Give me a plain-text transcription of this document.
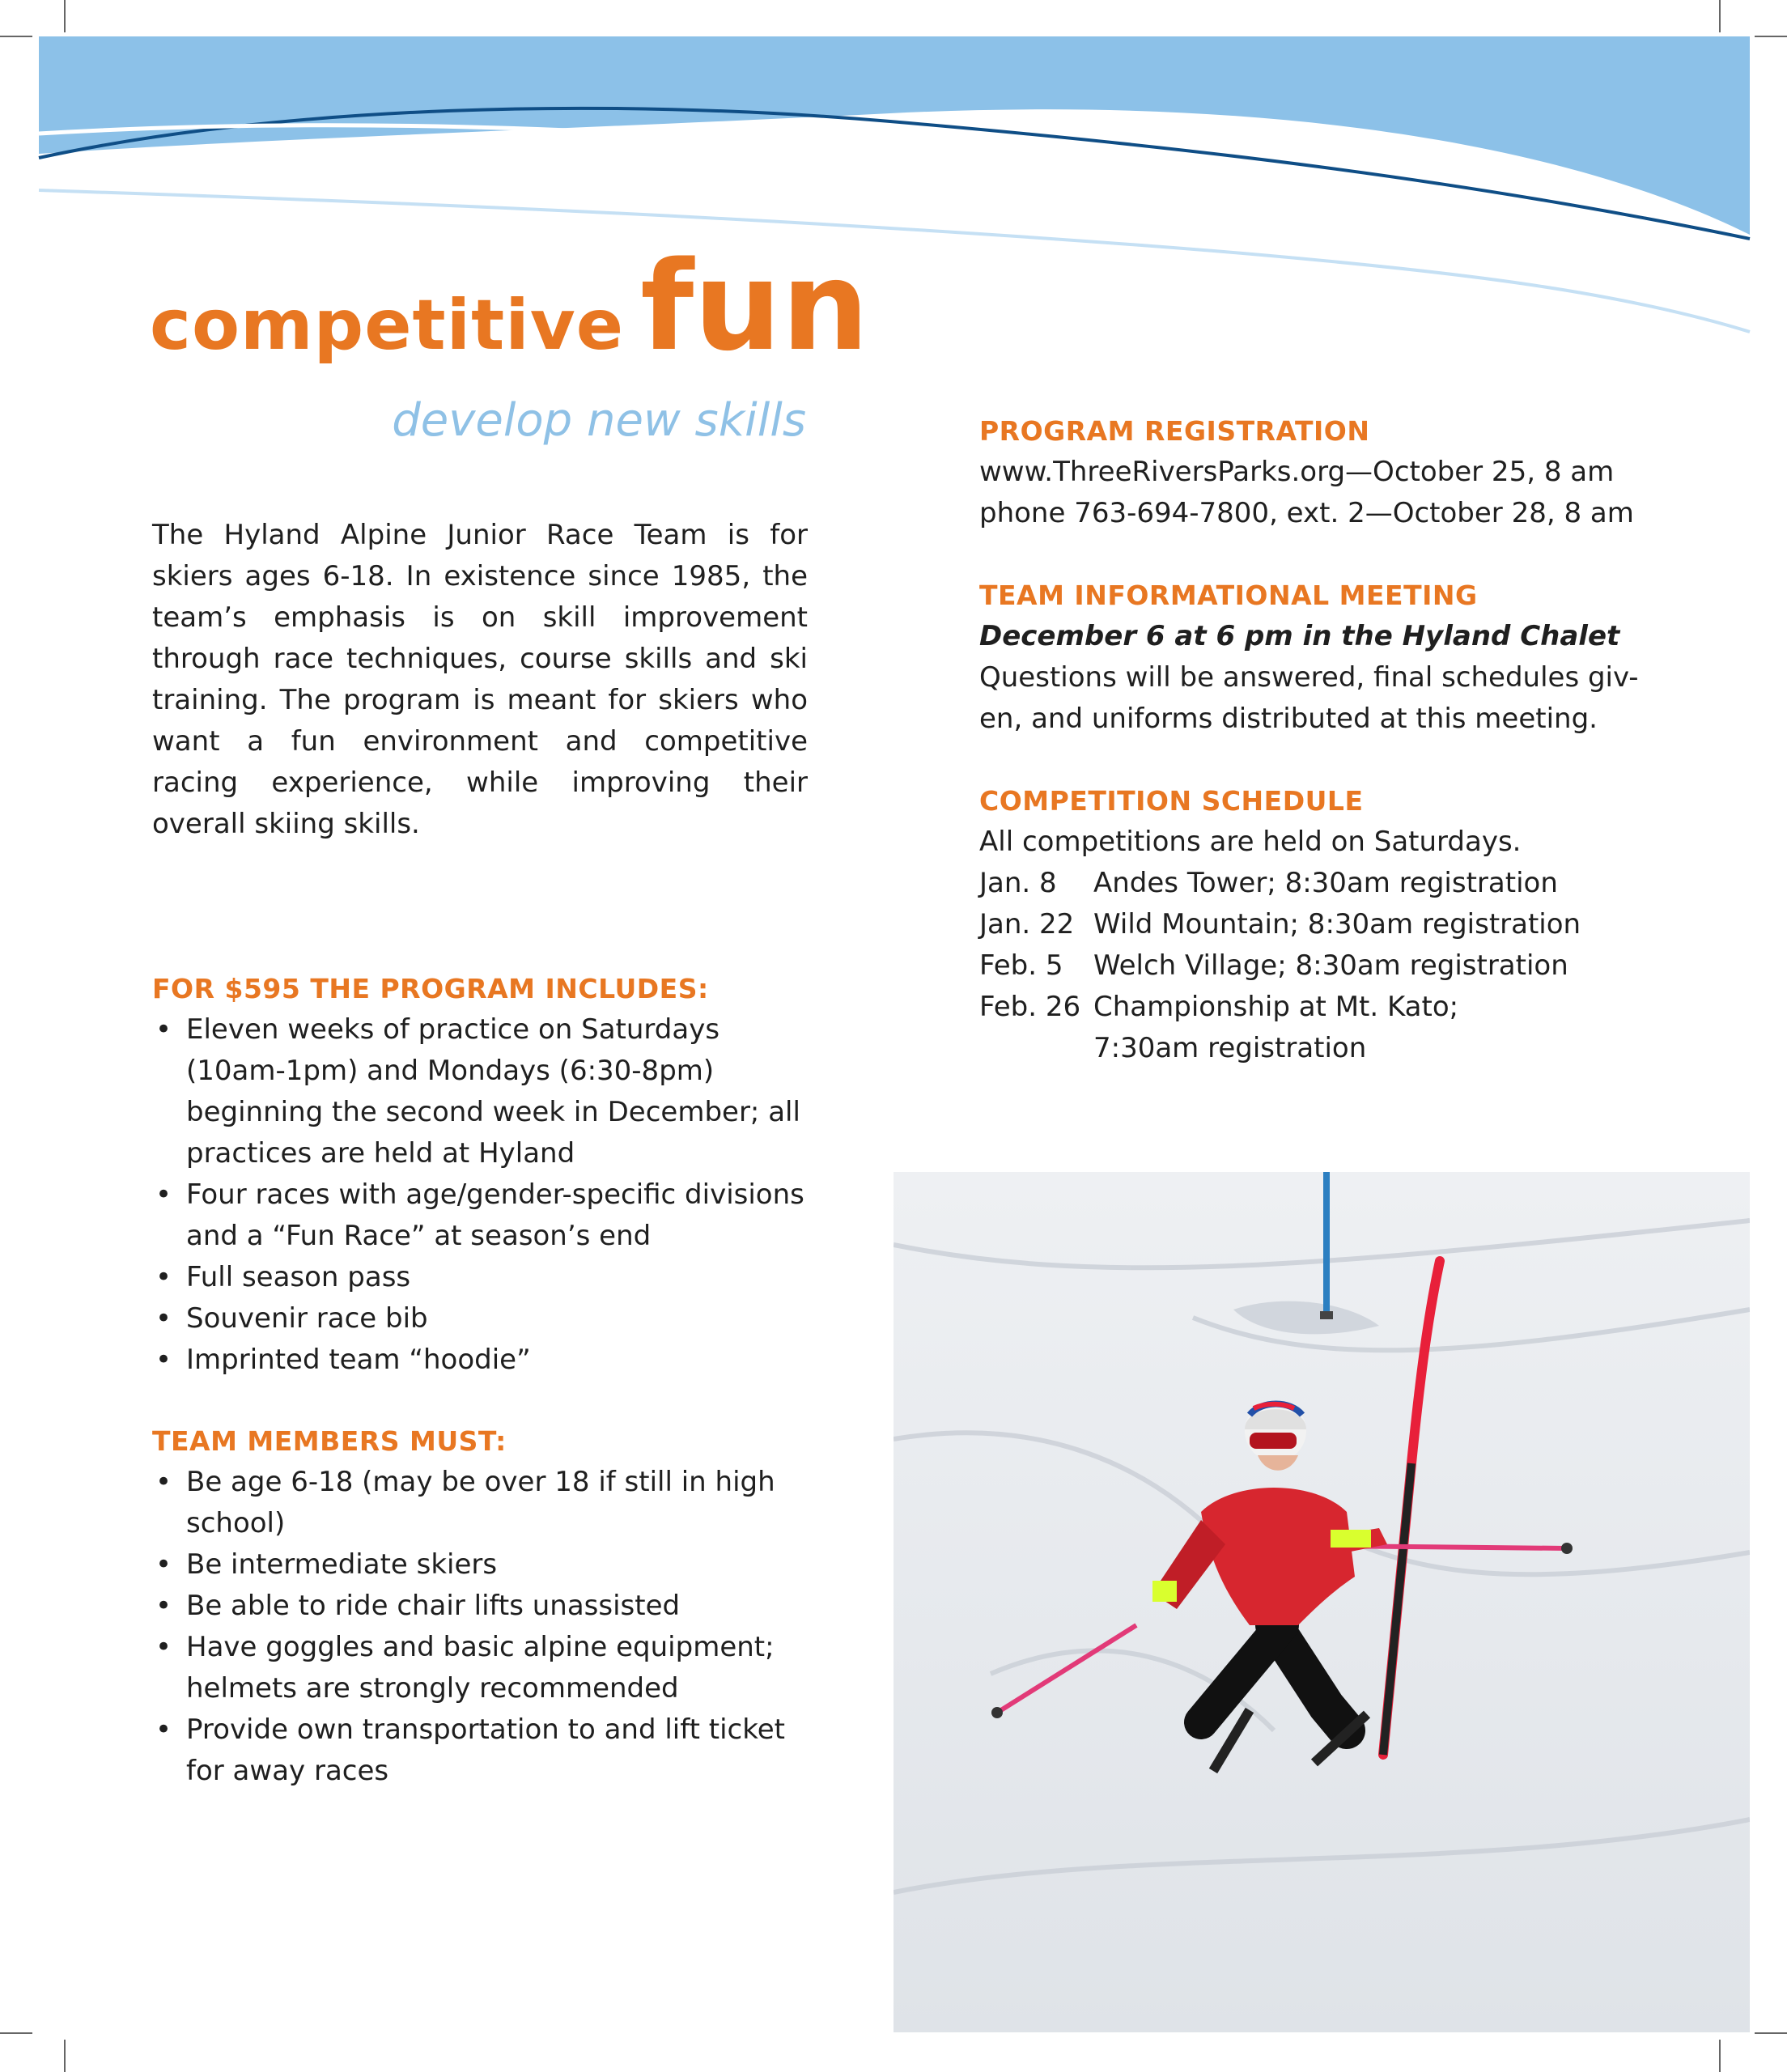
competitive fun
develop new skills

The Hyland Alpine Junior Race Team is for skiers ages 6-18. In existence since 1985, the team’s emphasis is on skill improvement through race techniques, course skills and ski training. The program is meant for skiers who want a fun environment and competitive racing experience, while improving their overall skiing skills.

FOR $595 THE PROGRAM INCLUDES:
• Eleven weeks of practice on Saturdays (10am-1pm) and Mondays (6:30-8pm) beginning the second week in December; all practices are held at Hyland
• Four races with age/gender-specific divisions and a “Fun Race” at season’s end
• Full season pass
• Souvenir race bib
• Imprinted team “hoodie”
TEAM MEMBERS MUST:
• Be age 6-18 (may be over 18 if still in high school)
• Be intermediate skiers
• Be able to ride chair lifts unassisted
• Have goggles and basic alpine equipment; helmets are strongly recommended
• Provide own transportation to and lift ticket for away races
PROGRAM REGISTRATION
www.ThreeRiversParks.org—October 25, 8 am
phone 763-694-7800, ext. 2—October 28, 8 am
TEAM INFORMATIONAL MEETING
December 6 at 6 pm in the Hyland Chalet
Questions will be answered, final schedules giv-
en, and uniforms distributed at this meeting.
COMPETITION SCHEDULE
All competitions are held on Saturdays.
Jan. 8	Andes Tower; 8:30am registration
Jan. 22 Wild Mountain; 8:30am registration
Feb. 5	Welch Village; 8:30am registration
Feb. 26 Championship at Mt. Kato;
7:30am registration
